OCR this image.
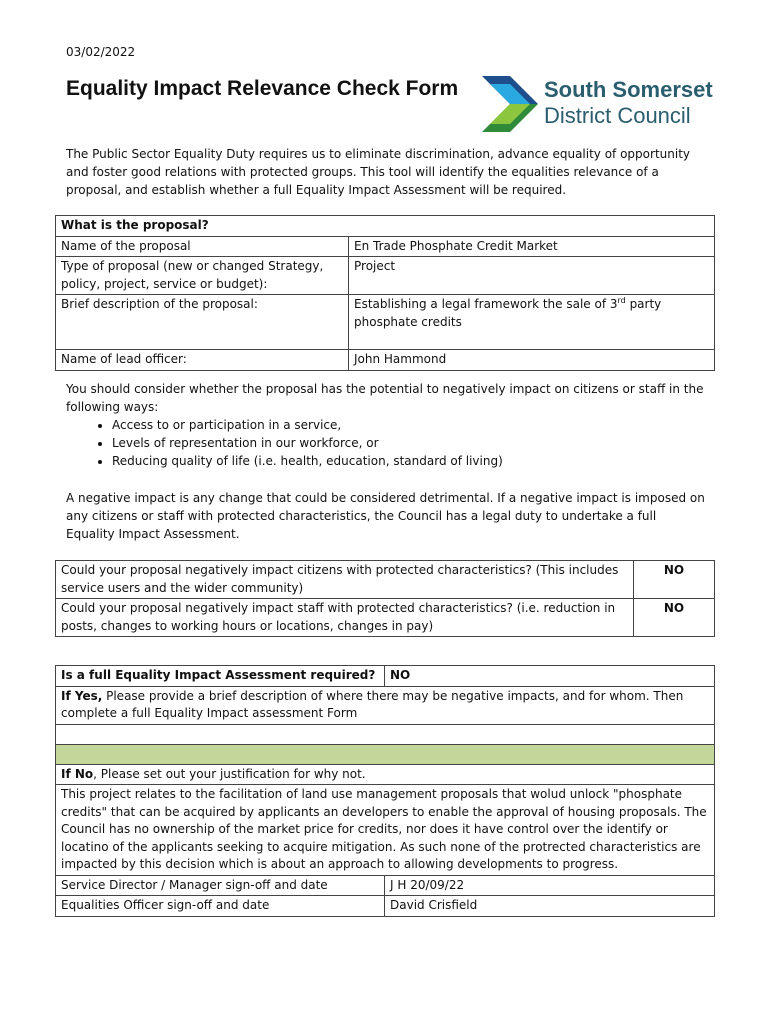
03/02/2022
Equality Impact Relevance Check Form	South Somerset
District Council
The Public Sector Equality Duty requires us to eliminate discrimination, advance equality of opportunity and foster good relations with protected groups. This tool will identify the equalities relevance of a proposal, and establish whether a full Equality Impact Assessment will be required.
What is the proposal?	
Name of the proposal	En Trade Phosphate Credit Market
Type of proposal (new or changed Strategy, policy, project, service or budget):	Project
Brief description of the proposal:	Establishing a legal framework the sale of 3rd party phosphate credits
Name of lead officer:	John Hammond
You should consider whether the proposal has the potential to negatively impact on citizens or staff in the following ways:
• Access to or participation in a service,
• Levels of representation in our workforce, or
• Reducing quality of life (i.e. health, education, standard of living)
A negative impact is any change that could be considered detrimental. If a negative impact is imposed on any citizens or staff with protected characteristics, the Council has a legal duty to undertake a full Equality Impact Assessment.
Could your proposal negatively impact citizens with protected characteristics? (This includes service users and the wider community)	NO
Could your proposal negatively impact staff with protected characteristics? (i.e. reduction in posts, changes to working hours or locations, changes in pay)	NO
Is a full Equality Impact Assessment required?	NO
If Yes, Please provide a brief description of where there may be negative impacts, and for whom. Then complete a full Equality Impact assessment Form	

If No, Please set out your justification for why not.	
This project relates to the facilitation of land use management proposals that wolud unlock "phosphate credits" that can be acquired by applicants an developers to enable the approval of housing proposals. The Council has no ownership of the market price for credits, nor does it have control over the identify or locatino of the applicants seeking to acquire mitigation. As such none of the protrected characteristics are impacted by this decision which is about an approach to allowing developments to progress.	
Service Director / Manager sign-off and date	J H 20/09/22
Equalities Officer sign-off and date	David Crisfield
